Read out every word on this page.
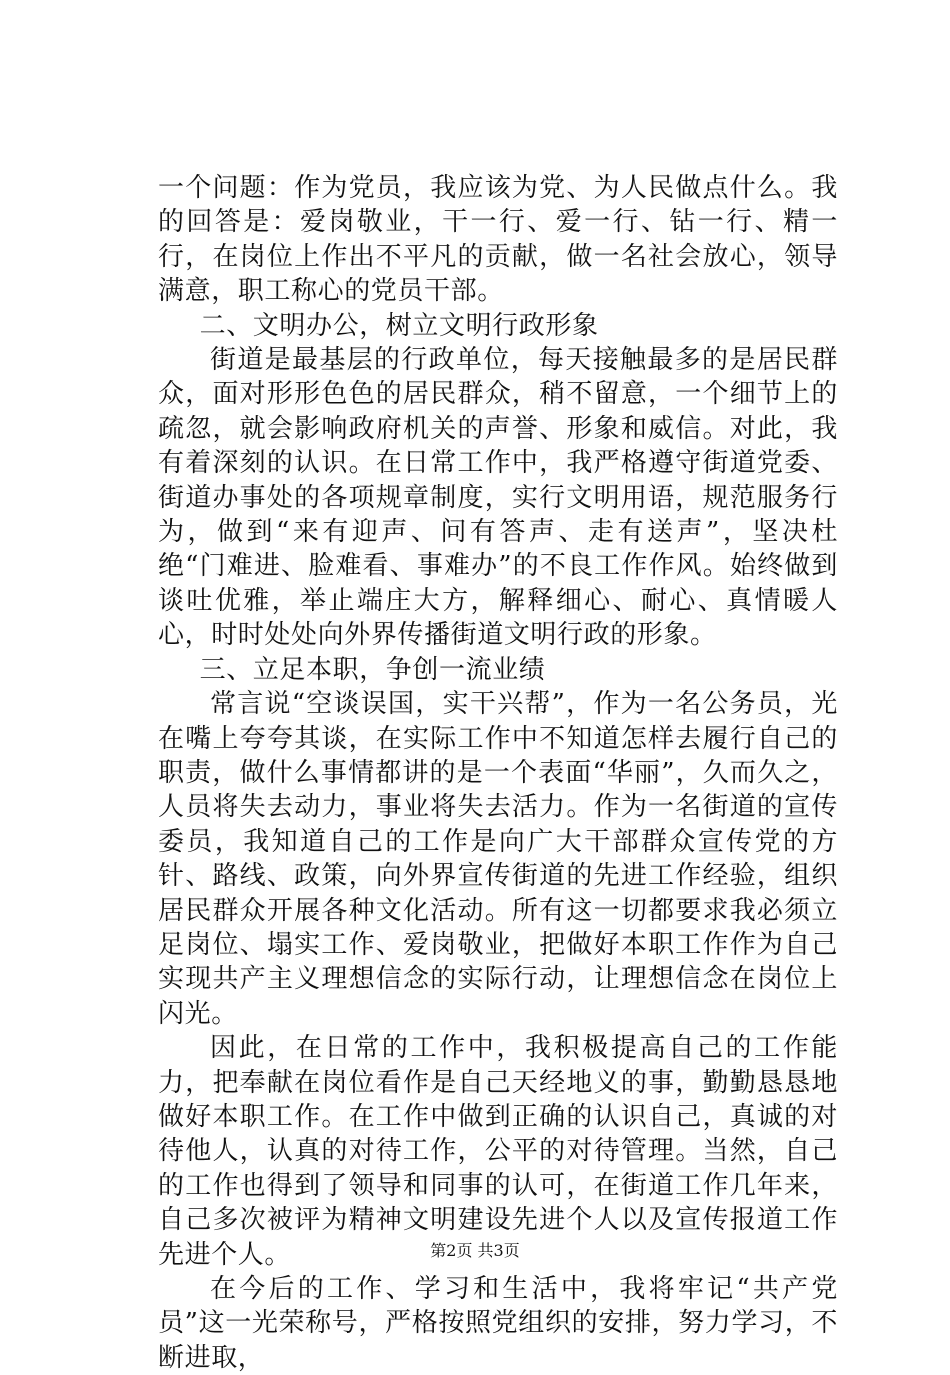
一个问题：作为党员，我应该为党、为人民做点什么。我的回答是：爱岗敬业，干一行、爱一行、钻一行、精一行，在岗位上作出不平凡的贡献，做一名社会放心，领导满意，职工称心的党员干部。

二、文明办公，树立文明行政形象

街道是最基层的行政单位，每天接触最多的是居民群众，面对形形色色的居民群众，稍不留意，一个细节上的疏忽，就会影响政府机关的声誉、形象和威信。对此，我有着深刻的认识。在日常工作中，我严格遵守街道党委、街道办事处的各项规章制度，实行文明用语，规范服务行为，做到“来有迎声、问有答声、走有送声”，坚决杜绝“门难进、脸难看、事难办”的不良工作作风。始终做到谈吐优雅，举止端庄大方，解释细心、耐心、真情暖人心，时时处处向外界传播街道文明行政的形象。

三、立足本职，争创一流业绩

常言说“空谈误国，实干兴帮”，作为一名公务员，光在嘴上夸夸其谈，在实际工作中不知道怎样去履行自己的职责，做什么事情都讲的是一个表面“华丽”，久而久之，人员将失去动力，事业将失去活力。作为一名街道的宣传委员，我知道自己的工作是向广大干部群众宣传党的方针、路线、政策，向外界宣传街道的先进工作经验，组织居民群众开展各种文化活动。所有这一切都要求我必须立足岗位、塌实工作、爱岗敬业，把做好本职工作作为自己实现共产主义理想信念的实际行动，让理想信念在岗位上闪光。

因此，在日常的工作中，我积极提高自己的工作能力，把奉献在岗位看作是自己天经地义的事，勤勤恳恳地做好本职工作。在工作中做到正确的认识自己，真诚的对待他人，认真的对待工作，公平的对待管理。当然，自己的工作也得到了领导和同事的认可，在街道工作几年来，自己多次被评为精神文明建设先进个人以及宣传报道工作先进个人。

在今后的工作、学习和生活中，我将牢记“共产党员”这一光荣称号，严格按照党组织的安排，努力学习，不断进取，

第2页 共3页
